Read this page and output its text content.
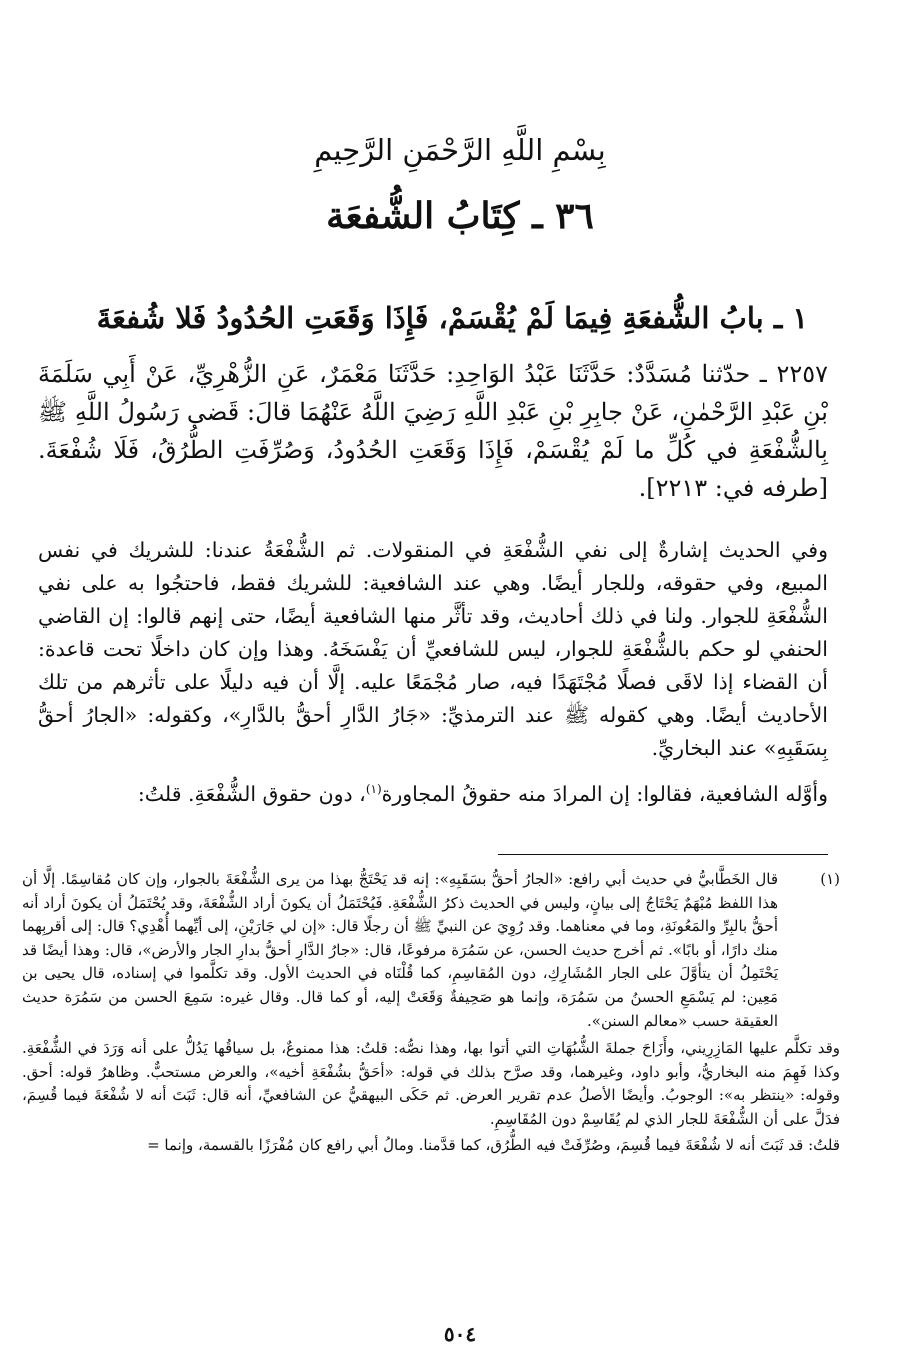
بِسْمِ اللَّهِ الرَّحْمَنِ الرَّحِيمِ
٣٦ ـ كِتَابُ الشُّفعَة
١ ـ بابُ الشُّفعَةِ فِيمَا لَمْ يُقْسَمْ، فَإِذَا وَقَعَتِ الحُدُودُ فَلا شُفعَةَ
٢٢٥٧ ـ حدّثنا مُسَدَّدٌ: حَدَّثَنَا عَبْدُ الوَاحِدِ: حَدَّثَنَا مَعْمَرٌ، عَنِ الزُّهْرِيِّ، عَنْ أَبِي سَلَمَةَ بْنِ عَبْدِ الرَّحْمٰنِ، عَنْ جابِرِ بْنِ عَبْدِ اللَّهِ رَضِيَ اللَّهُ عَنْهُمَا قالَ: قَضى رَسُولُ اللَّهِ ﷺ بِالشُّفْعَةِ في كُلِّ ما لَمْ يُقْسَمْ، فَإِذَا وَقَعَتِ الحُدُودُ، وَصُرِّفَتِ الطُّرُقُ، فَلَا شُفْعَةَ. [طرفه في: ٢٢١٣].

وفي الحديث إشارةٌ إلى نفي الشُّفْعَةِ في المنقولات. ثم الشُّفْعَةُ عندنا: للشريك في نفس المبيع، وفي حقوقه، وللجار أيضًا. وهي عند الشافعية: للشريك فقط، فاحتجُوا به على نفي الشُّفْعَةِ للجوار. ولنا في ذلك أحاديث، وقد تأثَّر منها الشافعية أيضًا، حتى إنهم قالوا: إن القاضي الحنفي لو حكم بالشُّفْعَةِ للجوار، ليس للشافعيِّ أن يَفْسَخَهُ. وهذا وإن كان داخلًا تحت قاعدة: أن القضاء إذا لاقَى فصلًا مُجْتَهَدًا فيه، صار مُجْمَعًا عليه. إلَّا أن فيه دليلًا على تأثرهم من تلك الأحاديث أيضًا. وهي كقوله ﷺ عند الترمذيِّ: «جَارُ الدَّارِ أحقُّ بالدَّارِ»، وكقوله: «الجارُ أحقُّ بِسَقَبِهِ» عند البخاريِّ.

وأوَّله الشافعية، فقالوا: إن المرادَ منه حقوقُ المجاورة$^{(١)}$، دون حقوق الشُّفْعَةِ. قلتُ:

(١)
قال الخَطَّابيُّ في حديث أبي رافع: «الجارُ أحقُّ بسَقَبِهِ»: إنه قد يَحْتَجُّ بهذا من يرى الشُّفْعَةَ بالجوار، وإن كان مُقاسِمًا. إلَّا أن هذا اللفظ مُبْهَمٌ يَحْتَاجُ إلى بيانٍ، وليس في الحديث ذكرُ الشُّفْعَةِ. فَيُحْتَمَلُ أن يكونَ أراد الشُّفْعَةَ، وقد يُحْتَمَلُ أن يكونَ أراد أنه أحقُّ بالبِرِّ والمَعُونَةِ، وما في معناهما. وقد رُوِيَ عن النبيِّ ﷺ أن رجلًا قال: «إن لي جَارَيْنِ، إلى أيِّهما أُهْدِي؟ قال: إلى أقربِهما منك دارًا، أو بابًا». ثم أخرج حديث الحسن، عن سَمُرَة مرفوعًا، قال: «جارُ الدَّارِ أحقُّ بدارِ الجار والأرض»، قال: وهذا أيضًا قد يَحْتَمِلُ أن يتأوَّلَ على الجار المُشَارِكِ، دون المُقاسِمِ، كما قُلْنَاه في الحديث الأول. وقد تكلَّموا في إسناده، قال يحيى بن مَعِين: لم يَسْمَعِ الحسنُ من سَمُرَة، وإنما هو صَحِيفةٌ وَقَعَتْ إليه، أو كما قال. وقال غيره: سَمِعَ الحسن من سَمُرَة حديث العقيقة حسب «معالم السنن».

وقد تكلَّم عليها المَازِرِيني، وأَزَاحَ جملةَ الشُّبُهَاتِ التي أتوا بها، وهذا نصُّه: قلتُ: هذا ممنوعٌ، بل سياقُها يَدُلُّ على أنه وَرَدَ في الشُّفْعَةِ. وكذا فَهِمَ منه البخاريُّ، وأبو داود، وغيرهما، وقد صرَّح بذلك في قوله: «أحَقُّ بشُفْعَةِ أخيه»، والعرض مستحبٌّ. وظاهرُ قوله: أحق. وقوله: «ينتظر به»: الوجوبُ. وأيضًا الأصلُ عدم تقرير العرض. ثم حَكَى البيهقيُّ عن الشافعيِّ، أنه قال: ثَبَتَ أنه لا شُفْعَةَ فيما قُسِمَ، فدَلَّ على أن الشُّفْعَةَ للجار الذي لم يُقَاسِمْ دون المُقَاسِمِ.

قلتُ: قد ثَبَتَ أنه لا شُفْعَةَ فيما قُسِمَ، وصُرِّفَتْ فيه الطُّرُق، كما قدَّمنا. ومالُ أبي رافع كان مُفْرَزًا بالقسمة، وإنما =

٥٠٤
